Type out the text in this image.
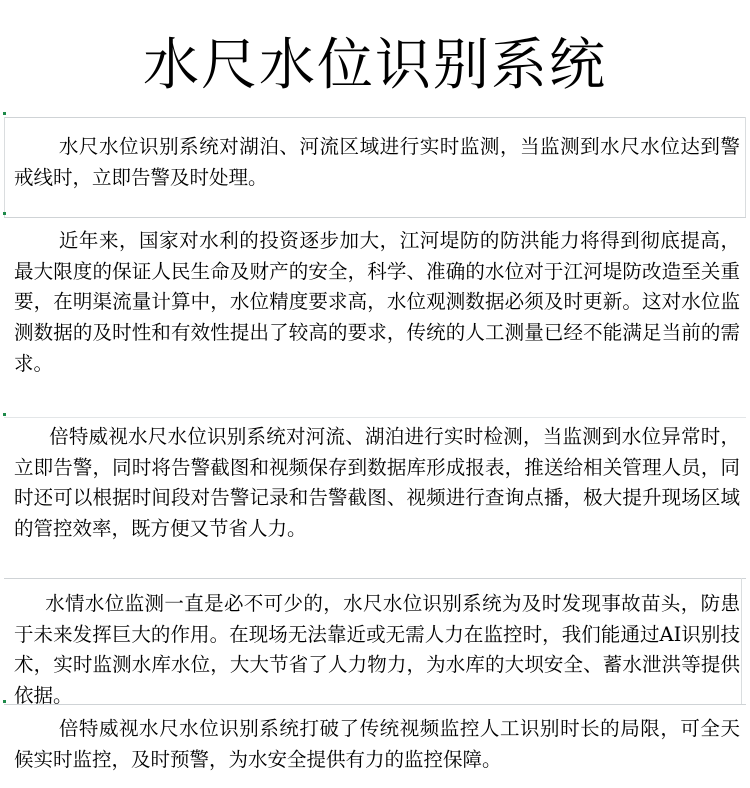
水尺水位识别系统

水尺水位识别系统对湖泊、河流区域进行实时监测，当监测到水尺水位达到警戒线时，立即告警及时处理。

近年来，国家对水利的投资逐步加大，江河堤防的防洪能力将得到彻底提高，最大限度的保证人民生命及财产的安全，科学、准确的水位对于江河堤防改造至关重要，在明渠流量计算中，水位精度要求高，水位观测数据必须及时更新。这对水位监测数据的及时性和有效性提出了较高的要求，传统的人工测量已经不能满足当前的需求。

倍特威视水尺水位识别系统对河流、湖泊进行实时检测，当监测到水位异常时，立即告警，同时将告警截图和视频保存到数据库形成报表，推送给相关管理人员，同时还可以根据时间段对告警记录和告警截图、视频进行查询点播，极大提升现场区域的管控效率，既方便又节省人力。

水情水位监测一直是必不可少的，水尺水位识别系统为及时发现事故苗头，防患于未来发挥巨大的作用。在现场无法靠近或无需人力在监控时，我们能通过AI识别技术，实时监测水库水位，大大节省了人力物力，为水库的大坝安全、蓄水泄洪等提供依据。

倍特威视水尺水位识别系统打破了传统视频监控人工识别时长的局限，可全天候实时监控，及时预警，为水安全提供有力的监控保障。
